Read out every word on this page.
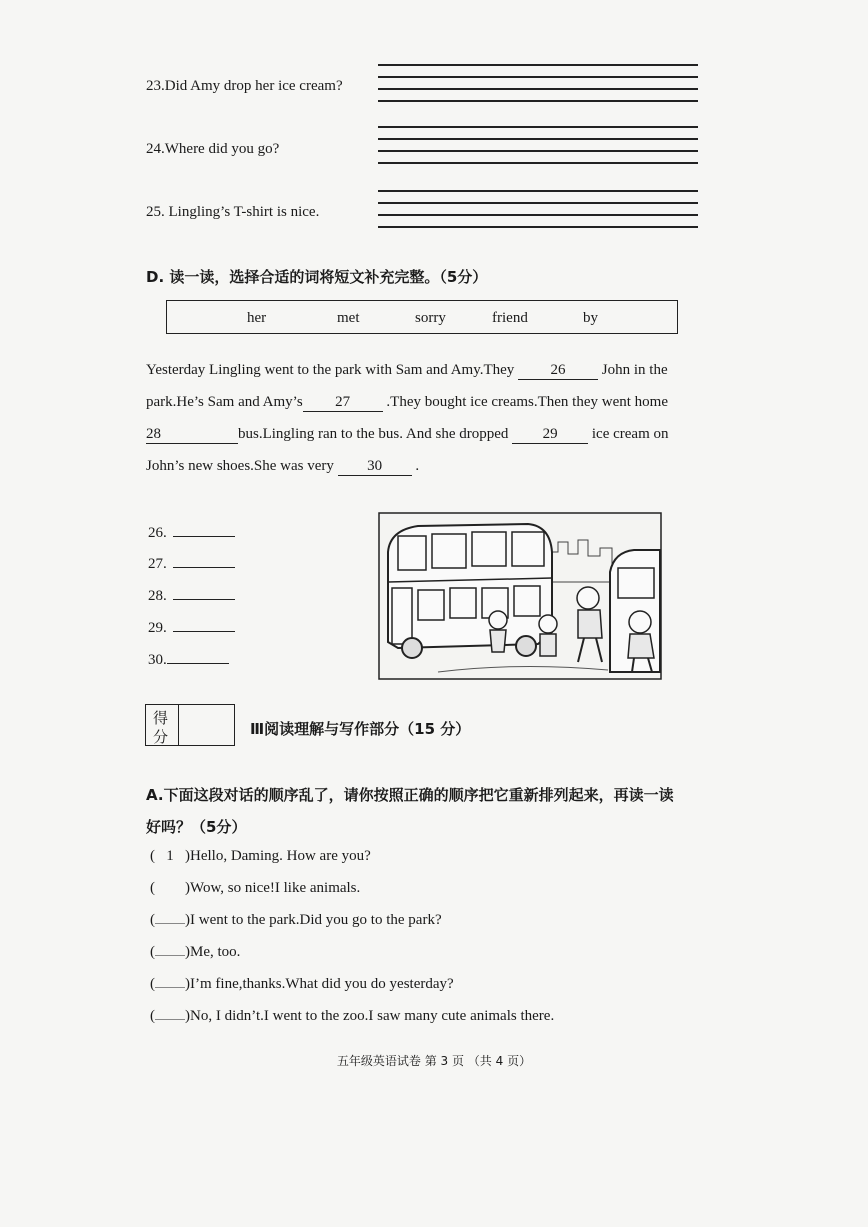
23.Did Amy drop her ice cream?
24.Where did you go?
25. Lingling’s T-shirt is nice.
D. 读一读，选择合适的词将短文补充完整。（5分）
her	met	sorry	friend	by
Yesterday Lingling went to the park with Sam and Amy.They 26 John in the
park.He’s Sam and Amy’s 27 .They bought ice creams.Then they went home
28	bus.Lingling ran to the bus. And she dropped 29 ice cream on
John’s new shoes.She was very 30 .
26.
27.
28.
29.
30.
得
分	Ⅲ阅读理解与写作部分（15 分）
A.下面这段对话的顺序乱了，请你按照正确的顺序把它重新排列起来，再读一读
好吗？（5分）
( 1 )Hello, Daming. How are you?
( )Wow, so nice!I like animals.
( )I went to the park.Did you go to the park?
( )Me, too.
( )I’m fine,thanks.What did you do yesterday?
( )No, I didn’t.I went to the zoo.I saw many cute animals there.
五年级英语试卷 第 3 页 （共 4 页）
